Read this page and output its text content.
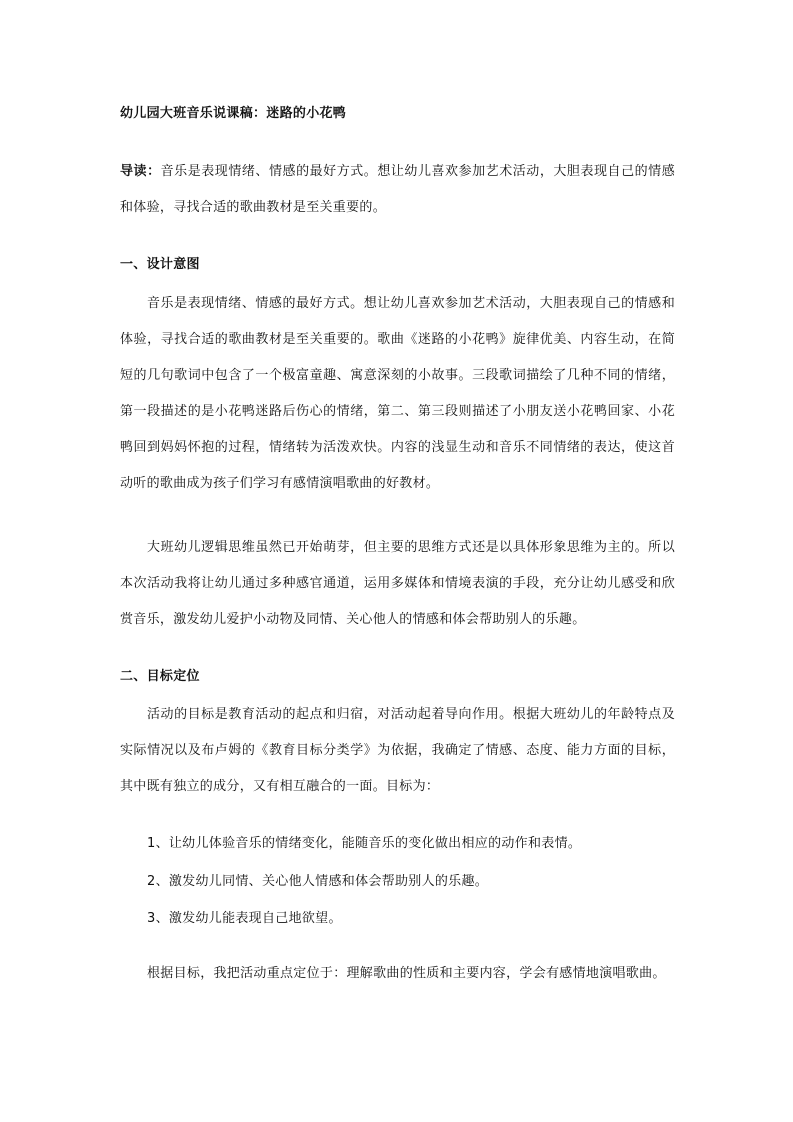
幼儿园大班音乐说课稿：迷路的小花鸭
导读：音乐是表现情绪、情感的最好方式。想让幼儿喜欢参加艺术活动，大胆表现自己的情感和体验，寻找合适的歌曲教材是至关重要的。
一、设计意图
音乐是表现情绪、情感的最好方式。想让幼儿喜欢参加艺术活动，大胆表现自己的情感和体验，寻找合适的歌曲教材是至关重要的。歌曲《迷路的小花鸭》旋律优美、内容生动，在简短的几句歌词中包含了一个极富童趣、寓意深刻的小故事。三段歌词描绘了几种不同的情绪，第一段描述的是小花鸭迷路后伤心的情绪，第二、第三段则描述了小朋友送小花鸭回家、小花鸭回到妈妈怀抱的过程，情绪转为活泼欢快。内容的浅显生动和音乐不同情绪的表达，使这首动听的歌曲成为孩子们学习有感情演唱歌曲的好教材。
大班幼儿逻辑思维虽然已开始萌芽，但主要的思维方式还是以具体形象思维为主的。所以本次活动我将让幼儿通过多种感官通道，运用多媒体和情境表演的手段，充分让幼儿感受和欣赏音乐，激发幼儿爱护小动物及同情、关心他人的情感和体会帮助别人的乐趣。
二、目标定位
活动的目标是教育活动的起点和归宿，对活动起着导向作用。根据大班幼儿的年龄特点及实际情况以及布卢姆的《教育目标分类学》为依据，我确定了情感、态度、能力方面的目标，其中既有独立的成分，又有相互融合的一面。目标为：
1、让幼儿体验音乐的情绪变化，能随音乐的变化做出相应的动作和表情。
2、激发幼儿同情、关心他人情感和体会帮助别人的乐趣。
3、激发幼儿能表现自己地欲望。
根据目标，我把活动重点定位于：理解歌曲的性质和主要内容，学会有感情地演唱歌曲。
